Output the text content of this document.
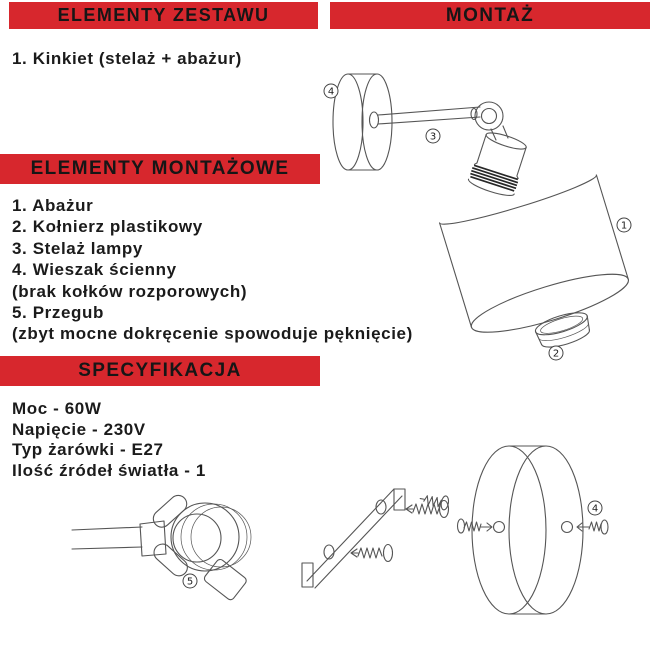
ELEMENTY ZESTAWU	MONTAŻ
1. Kinkiet (stelaż + abażur)
ELEMENTY MONTAŻOWE
1. Abażur
2. Kołnierz plastikowy
3. Stelaż lampy
4. Wieszak ścienny
(brak kołków rozporowych)
5. Przegub
(zbyt mocne dokręcenie spowoduje pęknięcie)
SPECYFIKACJA
Moc - 60W
Napięcie - 230V
Typ żarówki - E27
Ilość źródeł światła - 1
4
3
1
2
5
4
